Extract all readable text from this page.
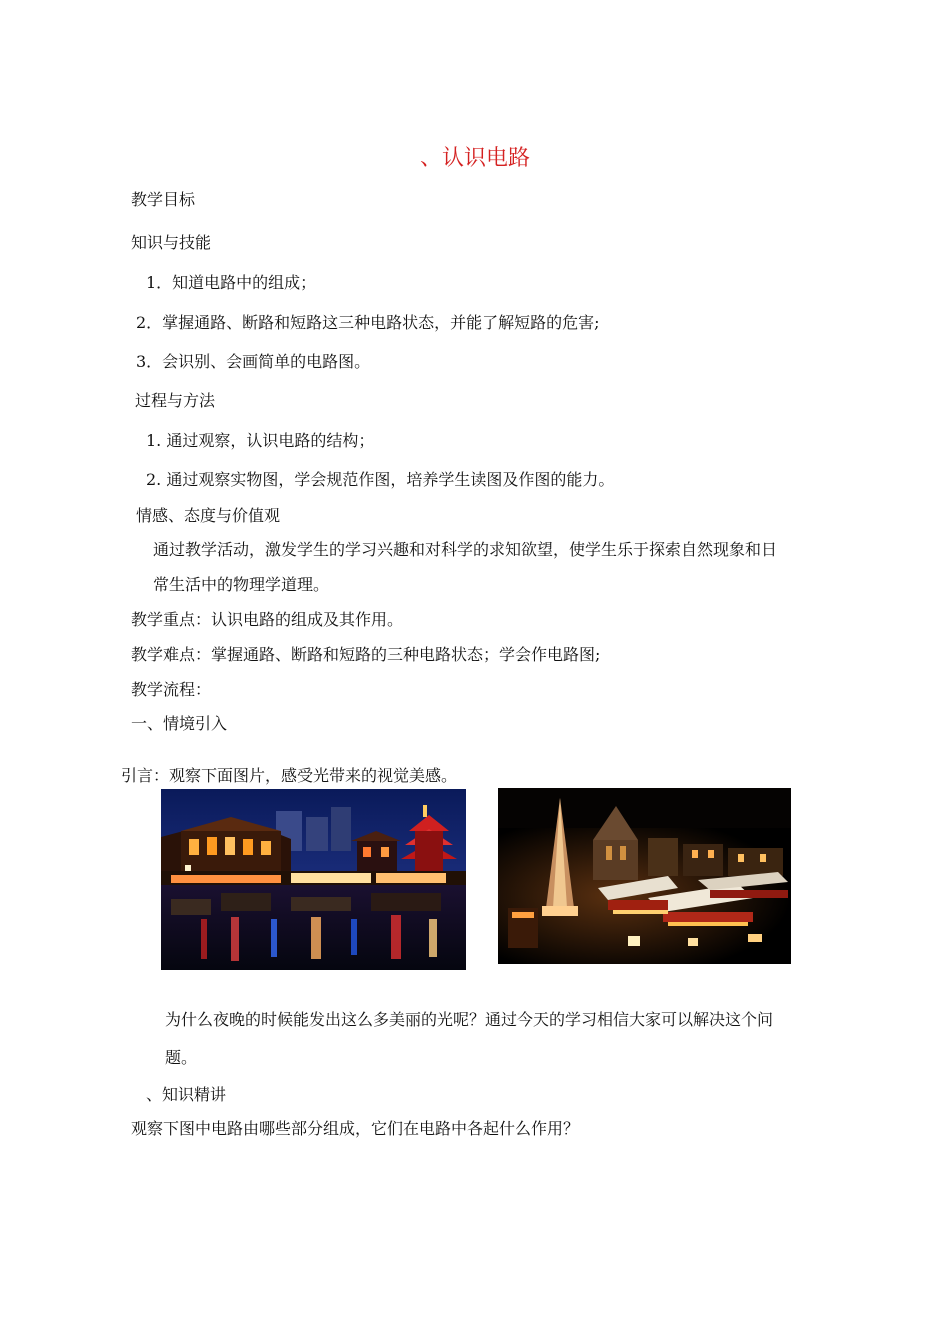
、认识电路
教学目标
知识与技能
1．知道电路中的组成；
2．掌握通路、断路和短路这三种电路状态，并能了解短路的危害;
3．会识别、会画简单的电路图。
过程与方法
1. 通过观察，认识电路的结构；
2. 通过观察实物图，学会规范作图，培养学生读图及作图的能力。
情感、态度与价值观
通过教学活动，激发学生的学习兴趣和对科学的求知欲望，使学生乐于探索自然现象和日
常生活中的物理学道理。
教学重点：认识电路的组成及其作用。
教学难点：掌握通路、断路和短路的三种电路状态；学会作电路图;
教学流程：
一、情境引入
引言：观察下面图片，感受光带来的视觉美感。
为什么夜晚的时候能发出这么多美丽的光呢？通过今天的学习相信大家可以解决这个问
题。
、知识精讲
观察下图中电路由哪些部分组成，它们在电路中各起什么作用？
